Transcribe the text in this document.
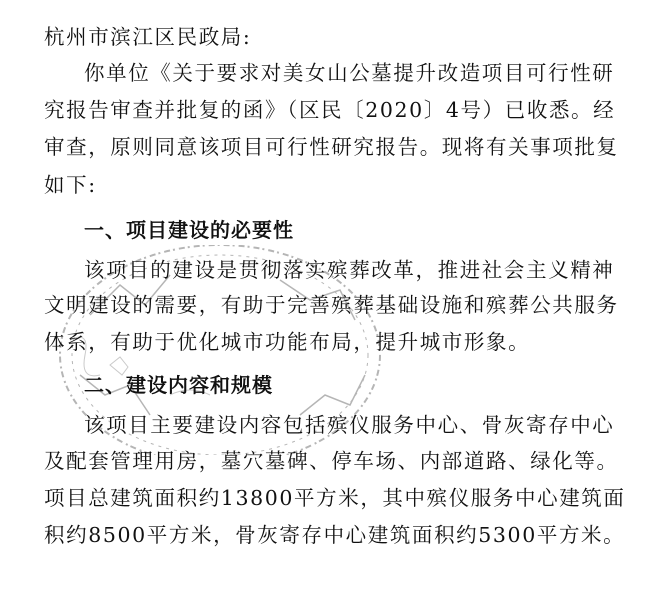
杭州市滨江区民政局:
你单位《关于要求对美女山公墓提升改造项目可行性研
究报告审查并批复的函》（区民〔2020〕4号）已收悉。经
审查，原则同意该项目可行性研究报告。现将有关事项批复
如下:
一、项目建设的必要性
该项目的建设是贯彻落实殡葬改革，推进社会主义精神
文明建设的需要，有助于完善殡葬基础设施和殡葬公共服务
体系，有助于优化城市功能布局，提升城市形象。
二、建设内容和规模
该项目主要建设内容包括殡仪服务中心、骨灰寄存中心
及配套管理用房，墓穴墓碑、停车场、内部道路、绿化等。
项目总建筑面积约13800平方米，其中殡仪服务中心建筑面
积约8500平方米，骨灰寄存中心建筑面积约5300平方米。
